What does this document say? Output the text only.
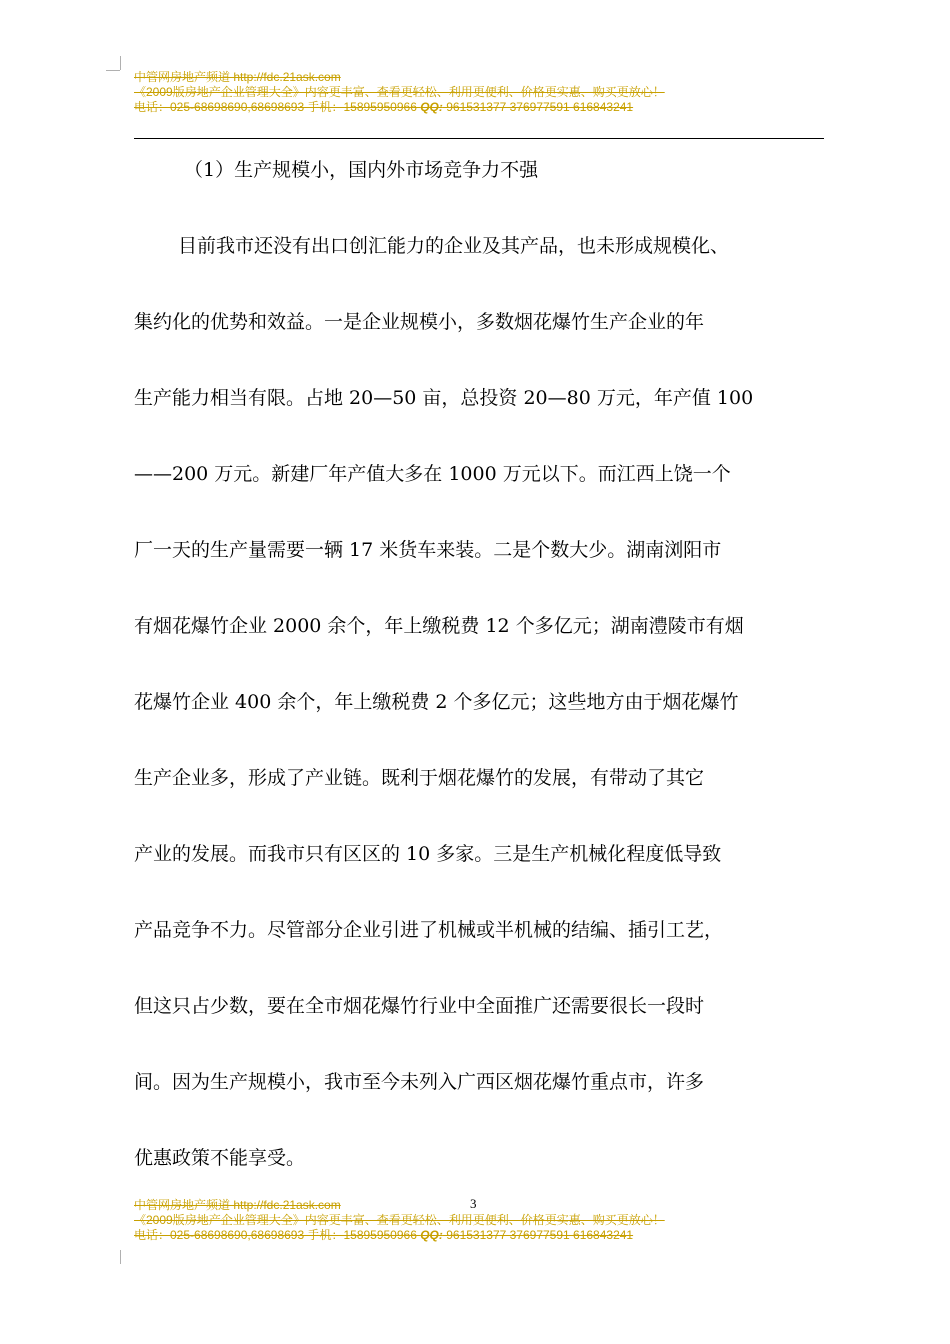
中管网房地产频道 http://fdc.21ask.com
《2009版房地产企业管理大全》内容更丰富、查看更轻松、利用更便利、价格更实惠、购买更放心！
电话：025-68698690,68698693 手机：15895950966 QQ: 961531377 376977591 616843241
（1）生产规模小，国内外市场竞争力不强
目前我市还没有出口创汇能力的企业及其产品，也未形成规模化、
集约化的优势和效益。一是企业规模小，多数烟花爆竹生产企业的年
生产能力相当有限。占地 20—50 亩，总投资 20—80 万元，年产值 100
——200 万元。新建厂年产值大多在 1000 万元以下。而江西上饶一个
厂一天的生产量需要一辆 17 米货车来装。二是个数大少。湖南浏阳市
有烟花爆竹企业 2000 余个，年上缴税费 12 个多亿元；湖南澧陵市有烟
花爆竹企业 400 余个，年上缴税费 2 个多亿元；这些地方由于烟花爆竹
生产企业多，形成了产业链。既利于烟花爆竹的发展，有带动了其它
产业的发展。而我市只有区区的 10 多家。三是生产机械化程度低导致
产品竞争不力。尽管部分企业引进了机械或半机械的结编、插引工艺，
但这只占少数，要在全市烟花爆竹行业中全面推广还需要很长一段时
间。因为生产规模小，我市至今未列入广西区烟花爆竹重点市，许多
优惠政策不能享受。
3
中管网房地产频道 http://fdc.21ask.com
《2009版房地产企业管理大全》内容更丰富、查看更轻松、利用更便利、价格更实惠、购买更放心！
电话：025-68698690,68698693 手机：15895950966 QQ: 961531377 376977591 616843241
